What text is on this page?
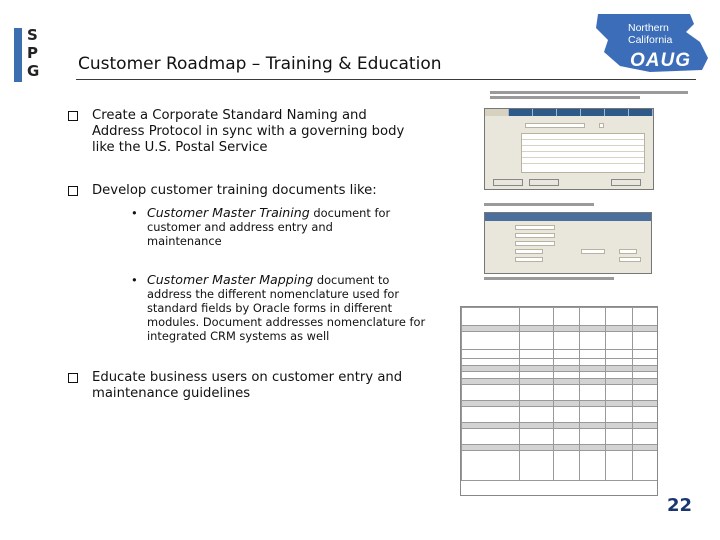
S
P
G Customer Roadmap – Training & Education
Northern
California
OAUG
Create a Corporate Standard Naming and Address Protocol in sync with a governing body like the U.S. Postal Service
Develop customer training documents like:
• Customer Master Training document for customer and address entry and maintenance
• Customer Master Mapping document to address the different nomenclature used for standard fields by Oracle forms in different modules. Document addresses nomenclature for integrated CRM systems as well
Educate business users on customer entry and maintenance guidelines

22
